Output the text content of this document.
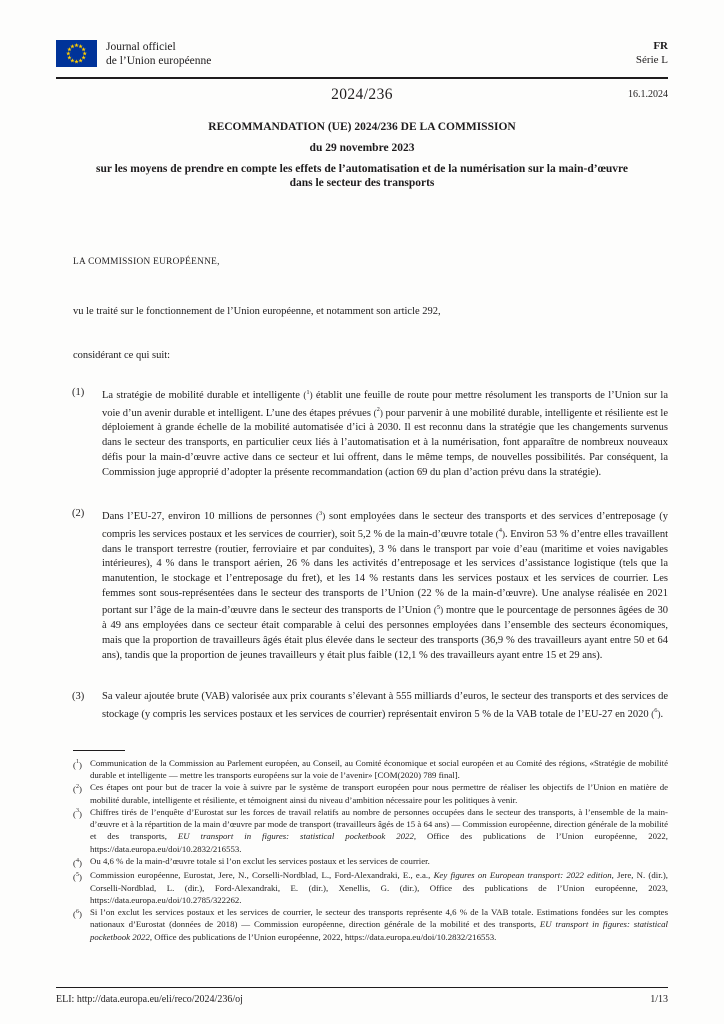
Journal officiel
de l’Union européenne
FR
Série L
2024/236	16.1.2024
RECOMMANDATION (UE) 2024/236 DE LA COMMISSION
du 29 novembre 2023
sur les moyens de prendre en compte les effets de l’automatisation et de la numérisation sur la main-d’œuvre dans le secteur des transports
LA COMMISSION EUROPÉENNE,
vu le traité sur le fonctionnement de l’Union européenne, et notamment son article 292,
considérant ce qui suit:
(1)	La stratégie de mobilité durable et intelligente ($^1$) établit une feuille de route pour mettre résolument les transports de l’Union sur la voie d’un avenir durable et intelligent. L’une des étapes prévues ($^2$) pour parvenir à une mobilité durable, intelligente et résiliente est le déploiement à grande échelle de la mobilité automatisée d’ici à 2030. Il est reconnu dans la stratégie que les changements survenus dans le secteur des transports, en particulier ceux liés à l’automatisation et à la numérisation, font apparaître de nombreux nouveaux défis pour la main-d’œuvre active dans ce secteur et lui offrent, dans le même temps, de nouvelles possibilités. Par conséquent, la Commission juge approprié d’adopter la présente recommandation (action 69 du plan d’action prévu dans la stratégie).
(2)	Dans l’EU-27, environ 10 millions de personnes ($^3$) sont employées dans le secteur des transports et des services d’entreposage (y compris les services postaux et les services de courrier), soit 5,2 % de la main-d’œuvre totale ($^4$). Environ 53 % d’entre elles travaillent dans le transport terrestre (routier, ferroviaire et par conduites), 3 % dans le transport par voie d’eau (maritime et voies navigables intérieures), 4 % dans le transport aérien, 26 % dans les activités d’entreposage et les services d’assistance logistique (tels que la manutention, le stockage et l’entreposage du fret), et les 14 % restants dans les services postaux et les services de courrier. Les femmes sont sous-représentées dans le secteur des transports de l’Union (22 % de la main-d’œuvre). Une analyse réalisée en 2021 portant sur l’âge de la main-d’œuvre dans le secteur des transports de l’Union ($^5$) montre que le pourcentage de personnes âgées de 30 à 49 ans employées dans ce secteur était comparable à celui des personnes employées dans l’ensemble des secteurs économiques, mais que la proportion de travailleurs âgés était plus élevée dans le secteur des transports (36,9 % des travailleurs ayant entre 50 et 64 ans), tandis que la proportion de jeunes travailleurs y était plus faible (12,1 % des travailleurs ayant entre 15 et 29 ans).
(3)	Sa valeur ajoutée brute (VAB) valorisée aux prix courants s’élevant à 555 milliards d’euros, le secteur des transports et des services de stockage (y compris les services postaux et les services de courrier) représentait environ 5 % de la VAB totale de l’EU-27 en 2020 ($^6$).
($^1$) Communication de la Commission au Parlement européen, au Conseil, au Comité économique et social européen et au Comité des régions, «Stratégie de mobilité durable et intelligente — mettre les transports européens sur la voie de l’avenir» [COM(2020) 789 final].
($^2$) Ces étapes ont pour but de tracer la voie à suivre par le système de transport européen pour nous permettre de réaliser les objectifs de l’Union en matière de mobilité durable, intelligente et résiliente, et témoignent ainsi du niveau d’ambition nécessaire pour les politiques à venir.
($^3$) Chiffres tirés de l’enquête d’Eurostat sur les forces de travail relatifs au nombre de personnes occupées dans le secteur des transports, à l’ensemble de la main-d’œuvre et à la répartition de la main d’œuvre par mode de transport (travailleurs âgés de 15 à 64 ans) — Commission européenne, direction générale de la mobilité et des transports, EU transport in figures: statistical pocketbook 2022, Office des publications de l’Union européenne, 2022, https://data.europa.eu/doi/10.2832/216553.
($^4$) Ou 4,6 % de la main-d’œuvre totale si l’on exclut les services postaux et les services de courrier.
($^5$) Commission européenne, Eurostat, Jere, N., Corselli-Nordblad, L., Ford-Alexandraki, E., e.a., Key figures on European transport: 2022 edition, Jere, N. (dir.), Corselli-Nordblad, L. (dir.), Ford-Alexandraki, E. (dir.), Xenellis, G. (dir.), Office des publications de l’Union européenne, 2023, https://data.europa.eu/doi/10.2785/322262.
($^6$) Si l’on exclut les services postaux et les services de courrier, le secteur des transports représente 4,6 % de la VAB totale. Estimations fondées sur les comptes nationaux d’Eurostat (données de 2018) — Commission européenne, direction générale de la mobilité et des transports, EU transport in figures: statistical pocketbook 2022, Office des publications de l’Union européenne, 2022, https://data.europa.eu/doi/10.2832/216553.
ELI: http://data.europa.eu/eli/reco/2024/236/oj	1/13
